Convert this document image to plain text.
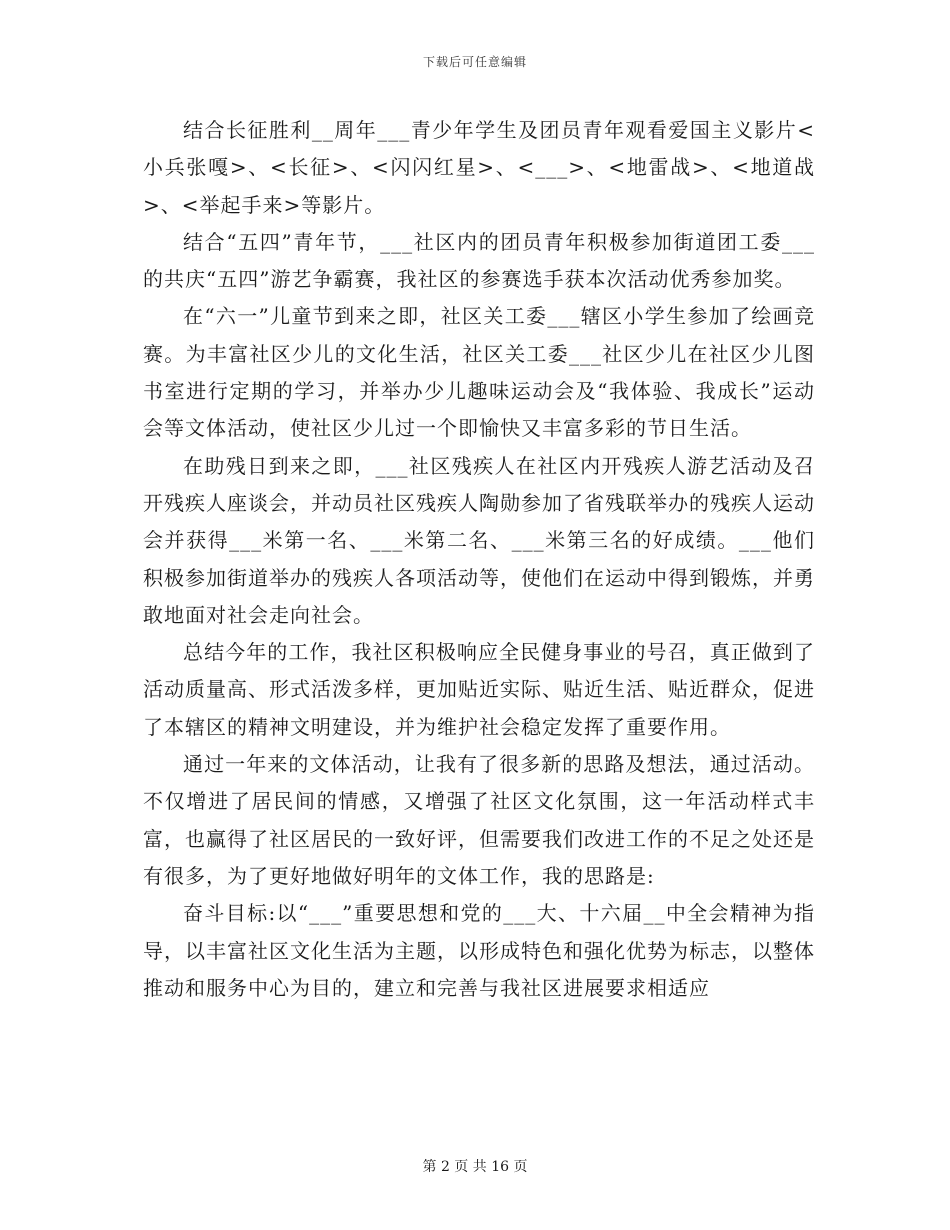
下载后可任意编辑

结合长征胜利__周年___青少年学生及团员青年观看爱国主义影片<小兵张嘎>、<长征>、<闪闪红星>、<___>、<地雷战>、<地道战>、<举起手来>等影片。

结合“五四”青年节，___社区内的团员青年积极参加街道团工委___的共庆“五四”游艺争霸赛，我社区的参赛选手获本次活动优秀参加奖。

在“六一”儿童节到来之即，社区关工委___辖区小学生参加了绘画竞赛。为丰富社区少儿的文化生活，社区关工委___社区少儿在社区少儿图书室进行定期的学习，并举办少儿趣味运动会及“我体验、我成长”运动会等文体活动，使社区少儿过一个即愉快又丰富多彩的节日生活。

在助残日到来之即，___社区残疾人在社区内开残疾人游艺活动及召开残疾人座谈会，并动员社区残疾人陶勋参加了省残联举办的残疾人运动会并获得___米第一名、___米第二名、___米第三名的好成绩。___他们积极参加街道举办的残疾人各项活动等，使他们在运动中得到锻炼，并勇敢地面对社会走向社会。

总结今年的工作，我社区积极响应全民健身事业的号召，真正做到了活动质量高、形式活泼多样，更加贴近实际、贴近生活、贴近群众，促进了本辖区的精神文明建设，并为维护社会稳定发挥了重要作用。

通过一年来的文体活动，让我有了很多新的思路及想法，通过活动。不仅增进了居民间的情感，又增强了社区文化氛围，这一年活动样式丰富，也赢得了社区居民的一致好评，但需要我们改进工作的不足之处还是有很多，为了更好地做好明年的文体工作，我的思路是:

奋斗目标:以“___”重要思想和党的___大、十六届__中全会精神为指导，以丰富社区文化生活为主题，以形成特色和强化优势为标志，以整体推动和服务中心为目的，建立和完善与我社区进展要求相适应

第 2 页 共 16 页
